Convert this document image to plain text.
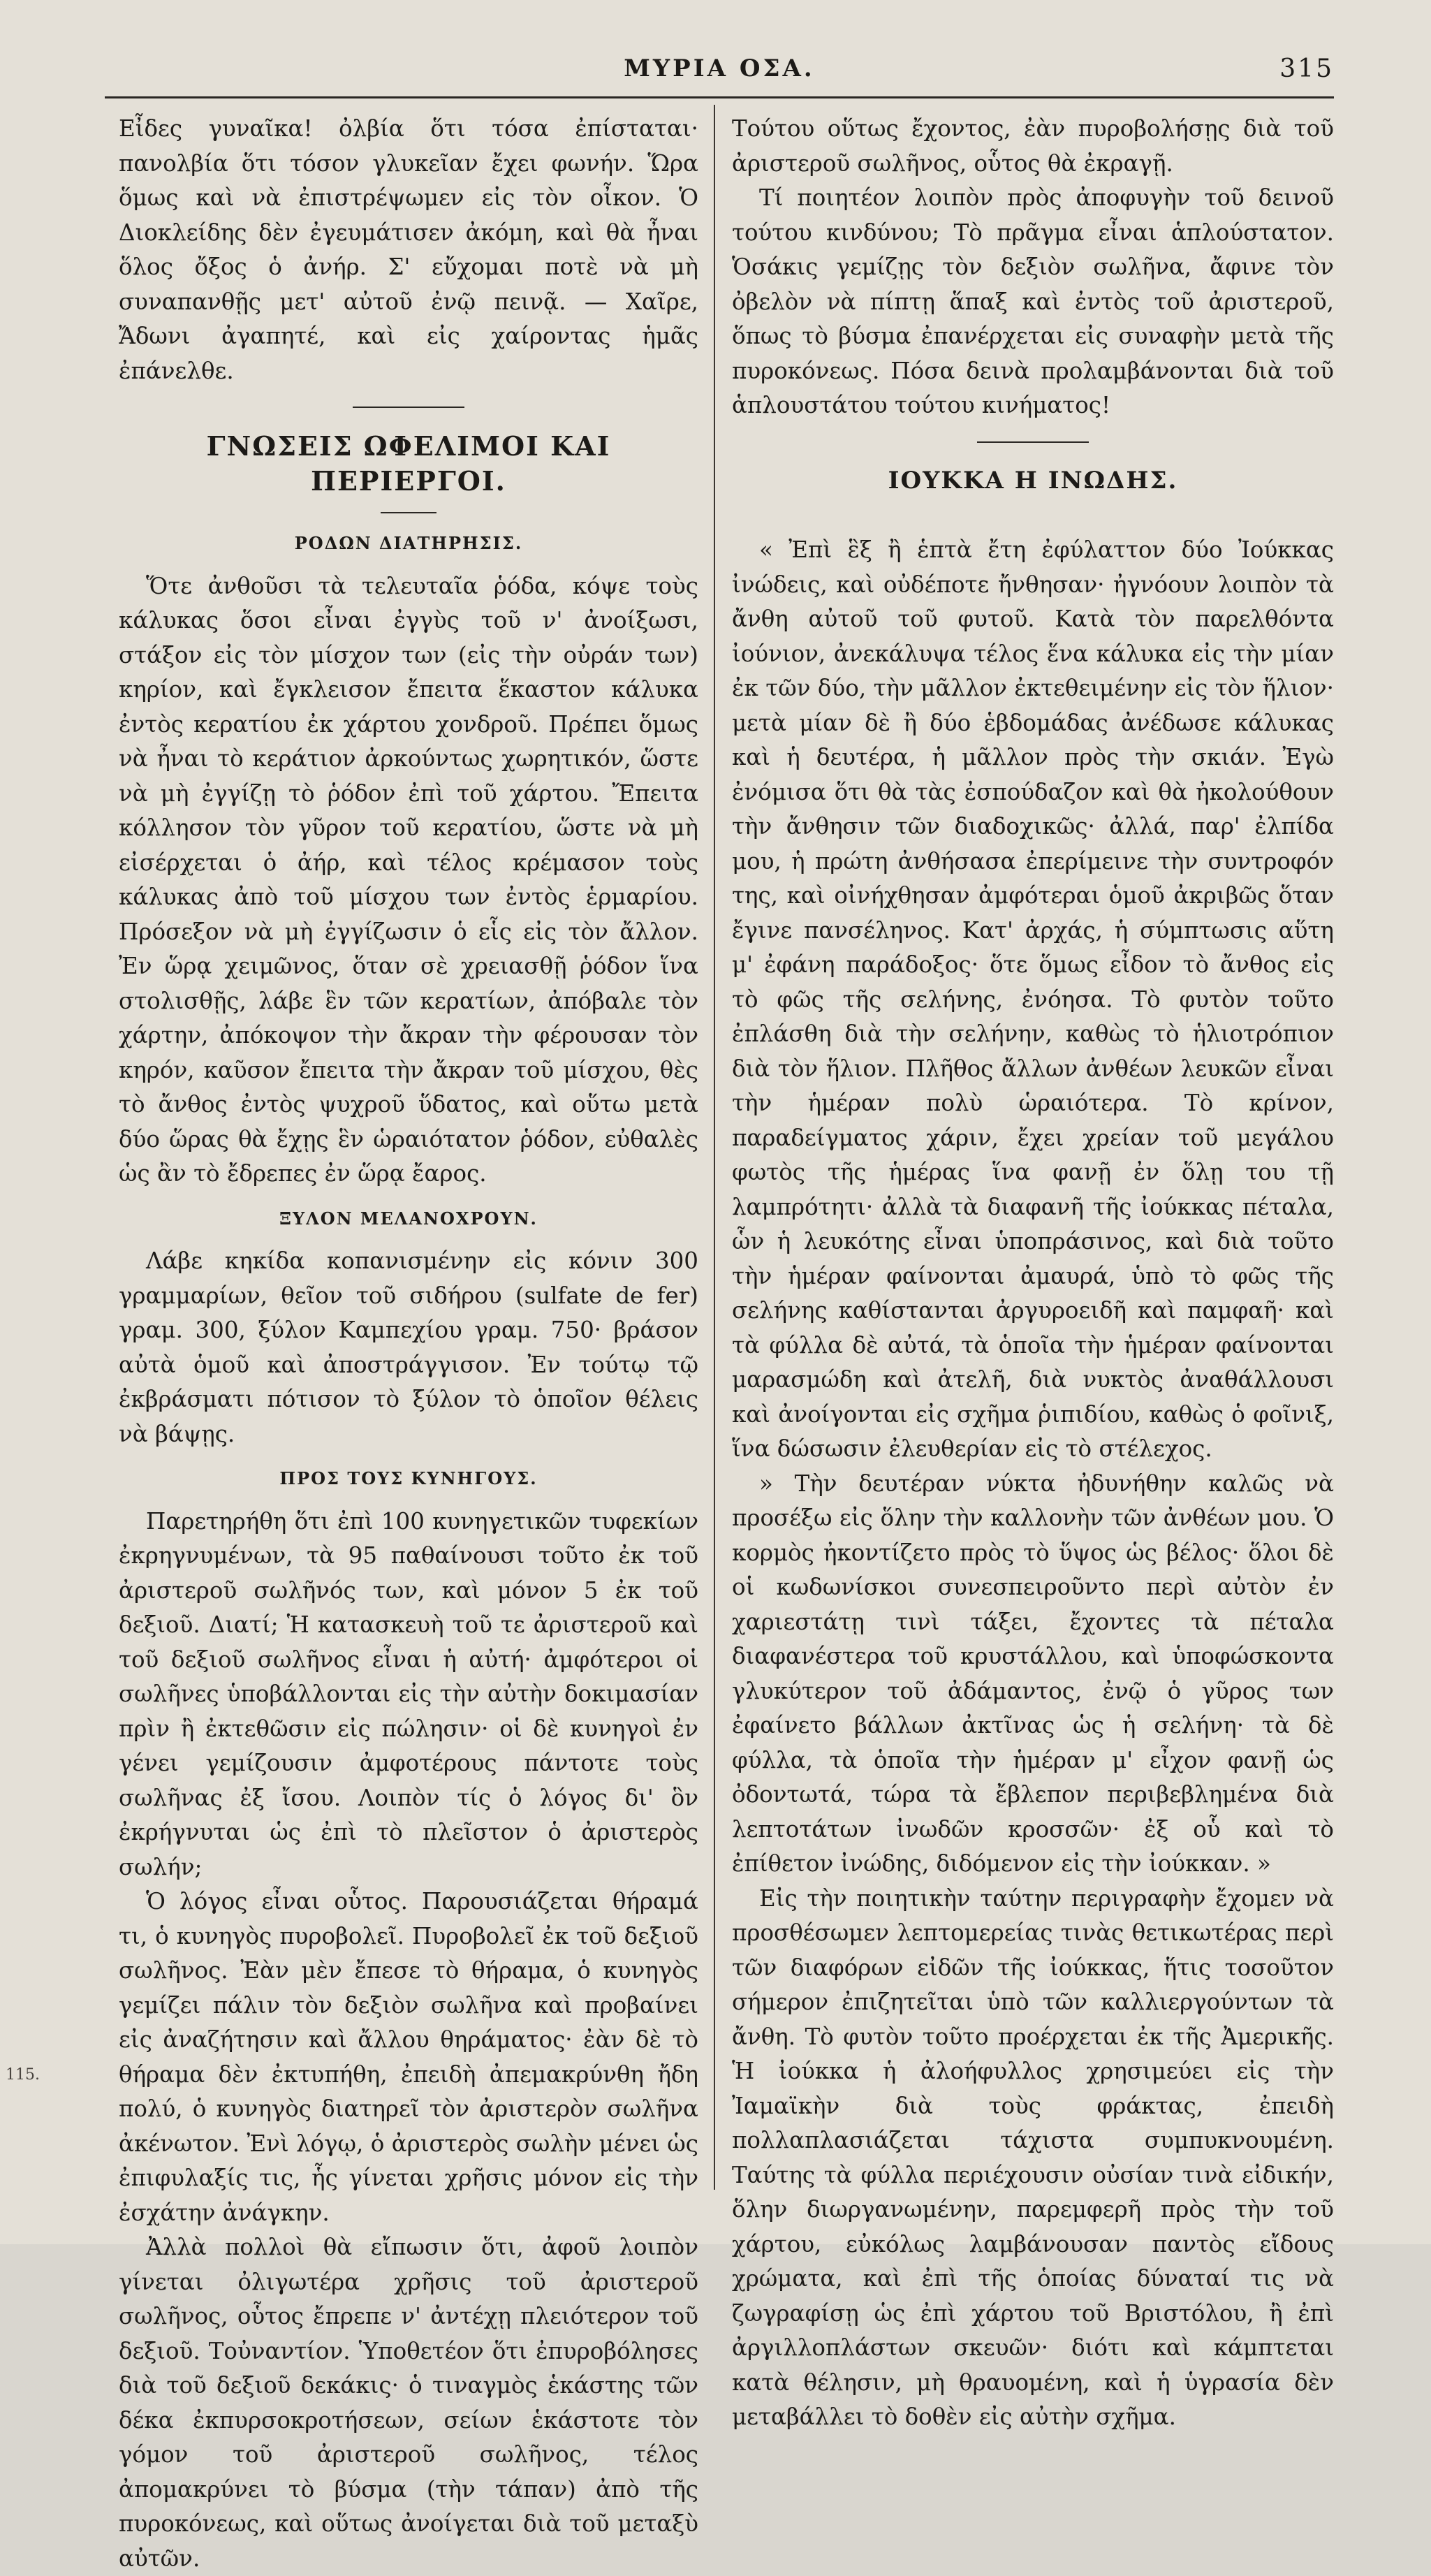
ΜΥΡΙΑ ΟΣΑ.	315

Εἶδες γυναῖκα! ὀλβία ὅτι τόσα ἐπίσταται· πανολβία ὅτι τόσον γλυκεῖαν ἔχει φωνήν. Ὥρα ὅμως καὶ νὰ ἐπιστρέψωμεν εἰς τὸν οἶκον. Ὁ Διοκλείδης δὲν ἐγευμάτισεν ἀκόμη, καὶ θὰ ἦναι ὅλος ὄξος ὁ ἀνήρ. Σ' εὔχομαι ποτὲ νὰ μὴ συναπανθῇς μετ' αὐτοῦ ἐνῷ πεινᾷ. — Χαῖρε, Ἄδωνι ἀγαπητέ, καὶ εἰς χαίροντας ἡμᾶς ἐπάνελθε.

ΓΝΩΣΕΙΣ ΩΦΕΛΙΜΟΙ ΚΑΙ ΠΕΡΙΕΡΓΟΙ.
ΡΟΔΩΝ ΔΙΑΤΗΡΗΣΙΣ.

Ὅτε ἀνθοῦσι τὰ τελευταῖα ῥόδα, κόψε τοὺς κάλυκας ὅσοι εἶναι ἐγγὺς τοῦ ν' ἀνοίξωσι, στάξον εἰς τὸν μίσχον των (εἰς τὴν οὐράν των) κηρίον, καὶ ἔγκλεισον ἔπειτα ἕκαστον κάλυκα ἐντὸς κερατίου ἐκ χάρτου χονδροῦ. Πρέπει ὅμως νὰ ἦναι τὸ κεράτιον ἀρκούντως χωρητικόν, ὥστε νὰ μὴ ἐγγίζῃ τὸ ῥόδον ἐπὶ τοῦ χάρτου. Ἔπειτα κόλλησον τὸν γῦρον τοῦ κερατίου, ὥστε νὰ μὴ εἰσέρχεται ὁ ἀήρ, καὶ τέλος κρέμασον τοὺς κάλυκας ἀπὸ τοῦ μίσχου των ἐντὸς ἑρμαρίου. Πρόσεξον νὰ μὴ ἐγγίζωσιν ὁ εἷς εἰς τὸν ἄλλον. Ἐν ὥρᾳ χειμῶνος, ὅταν σὲ χρειασθῇ ῥόδον ἵνα στολισθῇς, λάβε ἓν τῶν κερατίων, ἀπόβαλε τὸν χάρτην, ἀπόκοψον τὴν ἄκραν τὴν φέρουσαν τὸν κηρόν, καῦσον ἔπειτα τὴν ἄκραν τοῦ μίσχου, θὲς τὸ ἄνθος ἐντὸς ψυχροῦ ὕδατος, καὶ οὕτω μετὰ δύο ὥρας θὰ ἔχῃς ἓν ὡραιότατον ῥόδον, εὐθαλὲς ὡς ἂν τὸ ἔδρεπες ἐν ὥρᾳ ἔαρος.

ΞΥΛΟΝ ΜΕΛΑΝΟΧΡΟΥΝ.

Λάβε κηκίδα κοπανισμένην εἰς κόνιν 300 γραμμαρίων, θεῖον τοῦ σιδήρου (sulfate de fer) γραμ. 300, ξύλον Καμπεχίου γραμ. 750· βράσον αὐτὰ ὁμοῦ καὶ ἀποστράγγισον. Ἐν τούτῳ τῷ ἐκβράσματι πότισον τὸ ξύλον τὸ ὁποῖον θέλεις νὰ βάψῃς.

ΠΡΟΣ ΤΟΥΣ ΚΥΝΗΓΟΥΣ.

Παρετηρήθη ὅτι ἐπὶ 100 κυνηγετικῶν τυφεκίων ἐκρηγνυμένων, τὰ 95 παθαίνουσι τοῦτο ἐκ τοῦ ἀριστεροῦ σωλῆνός των, καὶ μόνον 5 ἐκ τοῦ δεξιοῦ. Διατί; Ἡ κατασκευὴ τοῦ τε ἀριστεροῦ καὶ τοῦ δεξιοῦ σωλῆνος εἶναι ἡ αὐτή· ἀμφότεροι οἱ σωλῆνες ὑποβάλλονται εἰς τὴν αὐτὴν δοκιμασίαν πρὶν ἢ ἐκτεθῶσιν εἰς πώλησιν· οἱ δὲ κυνηγοὶ ἐν γένει γεμίζουσιν ἀμφοτέρους πάντοτε τοὺς σωλῆνας ἐξ ἴσου. Λοιπὸν τίς ὁ λόγος δι' ὃν ἐκρήγνυται ὡς ἐπὶ τὸ πλεῖστον ὁ ἀριστερὸς σωλήν;

Ὁ λόγος εἶναι οὗτος. Παρουσιάζεται θήραμά τι, ὁ κυνηγὸς πυροβολεῖ. Πυροβολεῖ ἐκ τοῦ δεξιοῦ σωλῆνος. Ἐὰν μὲν ἔπεσε τὸ θήραμα, ὁ κυνηγὸς γεμίζει πάλιν τὸν δεξιὸν σωλῆνα καὶ προβαίνει εἰς ἀναζήτησιν καὶ ἄλλου θηράματος· ἐὰν δὲ τὸ θήραμα δὲν ἐκτυπήθη, ἐπειδὴ ἀπεμακρύνθη ἤδη πολύ, ὁ κυνηγὸς διατηρεῖ τὸν ἀριστερὸν σωλῆνα ἀκένωτον. Ἐνὶ λόγῳ, ὁ ἀριστερὸς σωλὴν μένει ὡς ἐπιφυλαξίς τις, ἧς γίνεται χρῆσις μόνον εἰς τὴν ἐσχάτην ἀνάγκην.

Ἀλλὰ πολλοὶ θὰ εἴπωσιν ὅτι, ἀφοῦ λοιπὸν γίνεται ὀλιγωτέρα χρῆσις τοῦ ἀριστεροῦ σωλῆνος, οὗτος ἔπρεπε ν' ἀντέχῃ πλειότερον τοῦ δεξιοῦ. Τοὐναντίον. Ὑποθετέον ὅτι ἐπυροβόλησες διὰ τοῦ δεξιοῦ δεκάκις· ὁ τιναγμὸς ἑκάστης τῶν δέκα ἐκπυρσοκροτήσεων, σείων ἑκάστοτε τὸν γόμον τοῦ ἀριστεροῦ σωλῆνος, τέλος ἀπομακρύνει τὸ βύσμα (τὴν τάπαν) ἀπὸ τῆς πυροκόνεως, καὶ οὕτως ἀνοίγεται διὰ τοῦ μεταξὺ αὐτῶν.

Τούτου οὕτως ἔχοντος, ἐὰν πυροβολήσῃς διὰ τοῦ ἀριστεροῦ σωλῆνος, οὗτος θὰ ἐκραγῇ.

Τί ποιητέον λοιπὸν πρὸς ἀποφυγὴν τοῦ δεινοῦ τούτου κινδύνου; Τὸ πρᾶγμα εἶναι ἁπλούστατον. Ὁσάκις γεμίζῃς τὸν δεξιὸν σωλῆνα, ἄφινε τὸν ὀβελὸν νὰ πίπτῃ ἅπαξ καὶ ἐντὸς τοῦ ἀριστεροῦ, ὅπως τὸ βύσμα ἐπανέρχεται εἰς συναφὴν μετὰ τῆς πυροκόνεως. Πόσα δεινὰ προλαμβάνονται διὰ τοῦ ἁπλουστάτου τούτου κινήματος!

ΙΟΥΚΚΑ Η ΙΝΩΔΗΣ.

« Ἐπὶ ἓξ ἢ ἑπτὰ ἔτη ἐφύλαττον δύο Ἰούκκας ἰνώδεις, καὶ οὐδέποτε ἤνθησαν· ἠγνόουν λοιπὸν τὰ ἄνθη αὐτοῦ τοῦ φυτοῦ. Κατὰ τὸν παρελθόντα ἰούνιον, ἀνεκάλυψα τέλος ἕνα κάλυκα εἰς τὴν μίαν ἐκ τῶν δύο, τὴν μᾶλλον ἐκτεθειμένην εἰς τὸν ἥλιον· μετὰ μίαν δὲ ἢ δύο ἑβδομάδας ἀνέδωσε κάλυκας καὶ ἡ δευτέρα, ἡ μᾶλλον πρὸς τὴν σκιάν. Ἐγὼ ἐνόμισα ὅτι θὰ τὰς ἐσπούδαζον καὶ θὰ ἠκολούθουν τὴν ἄνθησιν τῶν διαδοχικῶς· ἀλλά, παρ' ἐλπίδα μου, ἡ πρώτη ἀνθήσασα ἐπερίμεινε τὴν συντροφόν της, καὶ οἰνήχθησαν ἀμφότεραι ὁμοῦ ἀκριβῶς ὅταν ἔγινε πανσέληνος. Κατ' ἀρχάς, ἡ σύμπτωσις αὕτη μ' ἐφάνη παράδοξος· ὅτε ὅμως εἶδον τὸ ἄνθος εἰς τὸ φῶς τῆς σελήνης, ἐνόησα. Τὸ φυτὸν τοῦτο ἐπλάσθη διὰ τὴν σελήνην, καθὼς τὸ ἡλιοτρόπιον διὰ τὸν ἥλιον. Πλῆθος ἄλλων ἀνθέων λευκῶν εἶναι τὴν ἡμέραν πολὺ ὡραιότερα. Τὸ κρίνον, παραδείγματος χάριν, ἔχει χρείαν τοῦ μεγάλου φωτὸς τῆς ἡμέρας ἵνα φανῇ ἐν ὅλῃ του τῇ λαμπρότητι· ἀλλὰ τὰ διαφανῆ τῆς ἰούκκας πέταλα, ὧν ἡ λευκότης εἶναι ὑποπράσινος, καὶ διὰ τοῦτο τὴν ἡμέραν φαίνονται ἀμαυρά, ὑπὸ τὸ φῶς τῆς σελήνης καθίστανται ἀργυροειδῆ καὶ παμφαῆ· καὶ τὰ φύλλα δὲ αὐτά, τὰ ὁποῖα τὴν ἡμέραν φαίνονται μαρασμώδη καὶ ἀτελῆ, διὰ νυκτὸς ἀναθάλλουσι καὶ ἀνοίγονται εἰς σχῆμα ῥιπιδίου, καθὼς ὁ φοῖνιξ, ἵνα δώσωσιν ἐλευθερίαν εἰς τὸ στέλεχος.

» Τὴν δευτέραν νύκτα ἠδυνήθην καλῶς νὰ προσέξω εἰς ὅλην τὴν καλλονὴν τῶν ἀνθέων μου. Ὁ κορμὸς ἠκοντίζετο πρὸς τὸ ὕψος ὡς βέλος· ὅλοι δὲ οἱ κωδωνίσκοι συνεσπειροῦντο περὶ αὐτὸν ἐν χαριεστάτῃ τινὶ τάξει, ἔχοντες τὰ πέταλα διαφανέστερα τοῦ κρυστάλλου, καὶ ὑποφώσκοντα γλυκύτερον τοῦ ἀδάμαντος, ἐνῷ ὁ γῦρος των ἐφαίνετο βάλλων ἀκτῖνας ὡς ἡ σελήνη· τὰ δὲ φύλλα, τὰ ὁποῖα τὴν ἡμέραν μ' εἶχον φανῇ ὡς ὀδοντωτά, τώρα τὰ ἔβλεπον περιβεβλημένα διὰ λεπτοτάτων ἰνωδῶν κροσσῶν· ἐξ οὗ καὶ τὸ ἐπίθετον ἰνώδης, διδόμενον εἰς τὴν ἰούκκαν. »

Εἰς τὴν ποιητικὴν ταύτην περιγραφὴν ἔχομεν νὰ προσθέσωμεν λεπτομερείας τινὰς θετικωτέρας περὶ τῶν διαφόρων εἰδῶν τῆς ἰούκκας, ἥτις τοσοῦτον σήμερον ἐπιζητεῖται ὑπὸ τῶν καλλιεργούντων τὰ ἄνθη. Τὸ φυτὸν τοῦτο προέρχεται ἐκ τῆς Ἀμερικῆς. Ἡ ἰούκκα ἡ ἀλοήφυλλος χρησιμεύει εἰς τὴν Ἰαμαϊκὴν διὰ τοὺς φράκτας, ἐπειδὴ πολλαπλασιάζεται τάχιστα συμπυκνουμένη. Ταύτης τὰ φύλλα περιέχουσιν οὐσίαν τινὰ εἰδικήν, ὅλην διωργανωμένην, παρεμφερῆ πρὸς τὴν τοῦ χάρτου, εὐκόλως λαμβάνουσαν παντὸς εἴδους χρώματα, καὶ ἐπὶ τῆς ὁποίας δύναταί τις νὰ ζωγραφίσῃ ὡς ἐπὶ χάρτου τοῦ Βριστόλου, ἢ ἐπὶ ἀργιλλοπλάστων σκευῶν· διότι καὶ κάμπτεται κατὰ θέλησιν, μὴ θραυομένη, καὶ ἡ ὑγρασία δὲν μεταβάλλει τὸ δοθὲν εἰς αὐτὴν σχῆμα.

115.
